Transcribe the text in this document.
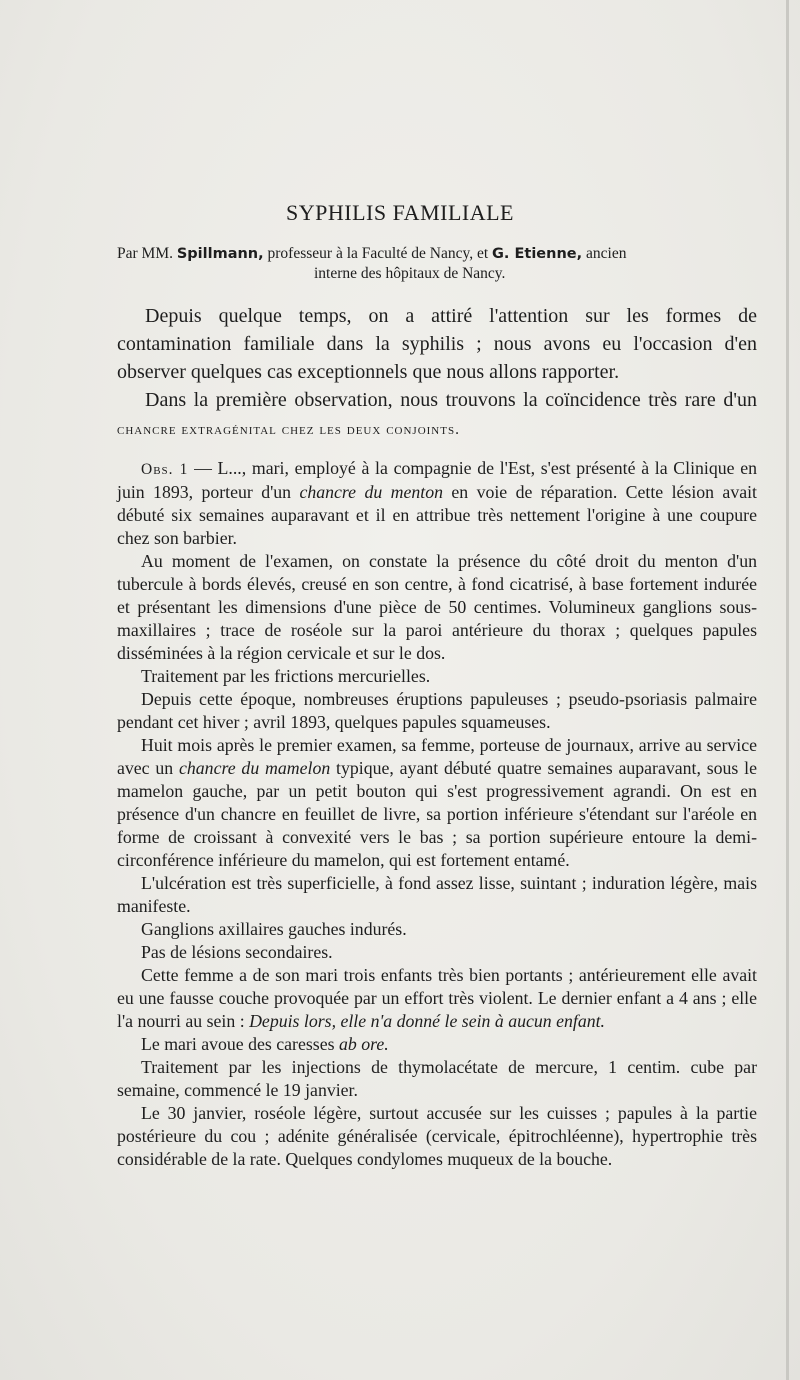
SYPHILIS FAMILIALE
Par MM. Spillmann, professeur à la Faculté de Nancy, et G. Etienne, ancien
interne des hôpitaux de Nancy.

Depuis quelque temps, on a attiré l'attention sur les formes de contamination familiale dans la syphilis ; nous avons eu l'occasion d'en observer quelques cas exceptionnels que nous allons rapporter.

Dans la première observation, nous trouvons la coïncidence très rare d'un chancre extragénital chez les deux conjoints.

Obs. 1 — L..., mari, employé à la compagnie de l'Est, s'est présenté à la Clinique en juin 1893, porteur d'un chancre du menton en voie de réparation. Cette lésion avait débuté six semaines auparavant et il en attribue très nettement l'origine à une coupure chez son barbier.

Au moment de l'examen, on constate la présence du côté droit du menton d'un tubercule à bords élevés, creusé en son centre, à fond cicatrisé, à base fortement indurée et présentant les dimensions d'une pièce de 50 centimes. Volumineux ganglions sous-maxillaires ; trace de roséole sur la paroi antérieure du thorax ; quelques papules disséminées à la région cervicale et sur le dos.

Traitement par les frictions mercurielles.

Depuis cette époque, nombreuses éruptions papuleuses ; pseudo-psoriasis palmaire pendant cet hiver ; avril 1893, quelques papules squameuses.

Huit mois après le premier examen, sa femme, porteuse de journaux, arrive au service avec un chancre du mamelon typique, ayant débuté quatre semaines auparavant, sous le mamelon gauche, par un petit bouton qui s'est progressivement agrandi. On est en présence d'un chancre en feuillet de livre, sa portion inférieure s'étendant sur l'aréole en forme de croissant à convexité vers le bas ; sa portion supérieure entoure la demi-circonférence inférieure du mamelon, qui est fortement entamé.

L'ulcération est très superficielle, à fond assez lisse, suintant ; induration légère, mais manifeste.

Ganglions axillaires gauches indurés.

Pas de lésions secondaires.

Cette femme a de son mari trois enfants très bien portants ; antérieurement elle avait eu une fausse couche provoquée par un effort très violent. Le dernier enfant a 4 ans ; elle l'a nourri au sein : Depuis lors, elle n'a donné le sein à aucun enfant.

Le mari avoue des caresses ab ore.

Traitement par les injections de thymolacétate de mercure, 1 centim. cube par semaine, commencé le 19 janvier.

Le 30 janvier, roséole légère, surtout accusée sur les cuisses ; papules à la partie postérieure du cou ; adénite généralisée (cervicale, épitrochléenne), hypertrophie très considérable de la rate. Quelques condylomes muqueux de la bouche.
